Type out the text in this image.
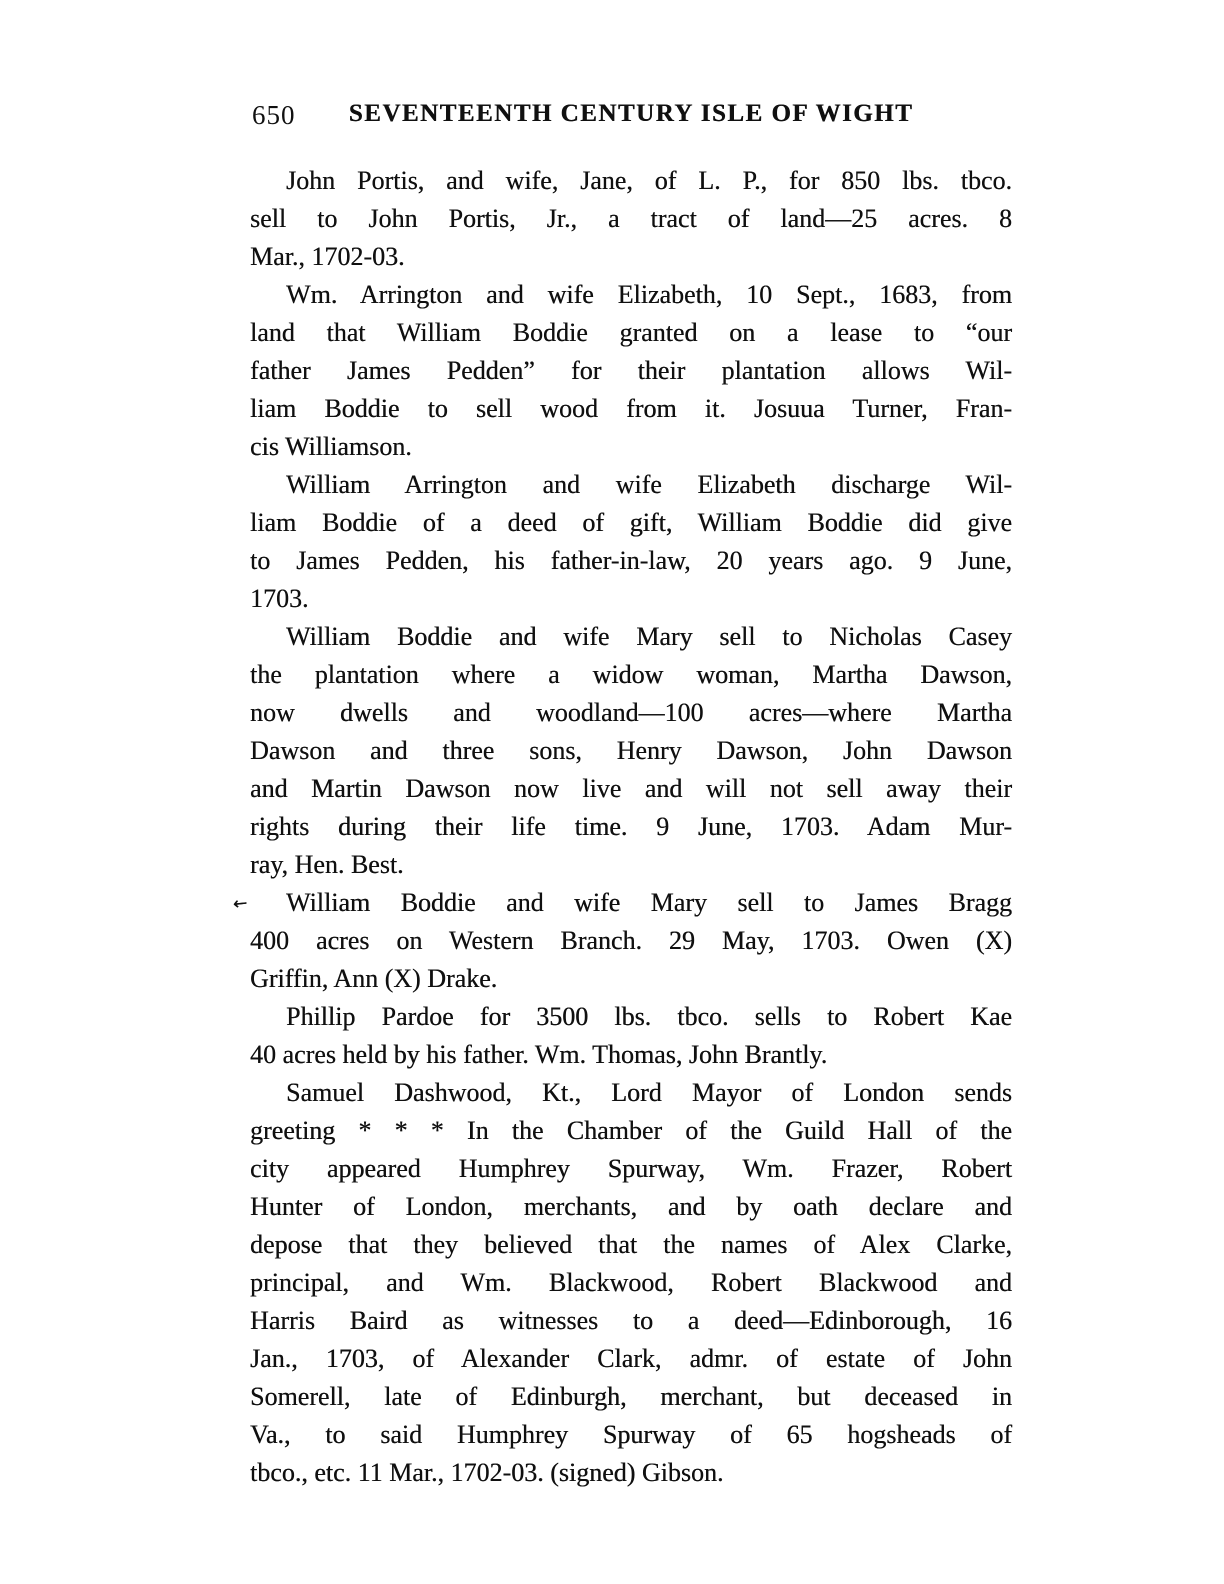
650	SEVENTEENTH CENTURY ISLE OF WIGHT
John Portis, and wife, Jane, of L. P., for 850 lbs. tbco.
sell to John Portis, Jr., a tract of land—25 acres. 8
Mar., 1702-03.
Wm. Arrington and wife Elizabeth, 10 Sept., 1683, from
land that William Boddie granted on a lease to “our
father James Pedden” for their plantation allows Wil-
liam Boddie to sell wood from it. Josuua Turner, Fran-
cis Williamson.
William Arrington and wife Elizabeth discharge Wil-
liam Boddie of a deed of gift, William Boddie did give
to James Pedden, his father-in-law, 20 years ago. 9 June,
1703.
William Boddie and wife Mary sell to Nicholas Casey
the plantation where a widow woman, Martha Dawson,
now dwells and woodland—100 acres—where Martha
Dawson and three sons, Henry Dawson, John Dawson
and Martin Dawson now live and will not sell away their
rights during their life time. 9 June, 1703. Adam Mur-
ray, Hen. Best.
William Boddie and wife Mary sell to James Bragg
←
400 acres on Western Branch. 29 May, 1703. Owen (X)
Griffin, Ann (X) Drake.
Phillip Pardoe for 3500 lbs. tbco. sells to Robert Kae
40 acres held by his father. Wm. Thomas, John Brantly.
Samuel Dashwood, Kt., Lord Mayor of London sends
greeting * * * In the Chamber of the Guild Hall of the
city appeared Humphrey Spurway, Wm. Frazer, Robert
Hunter of London, merchants, and by oath declare and
depose that they believed that the names of Alex Clarke,
principal, and Wm. Blackwood, Robert Blackwood and
Harris Baird as witnesses to a deed—Edinborough, 16
Jan., 1703, of Alexander Clark, admr. of estate of John
Somerell, late of Edinburgh, merchant, but deceased in
Va., to said Humphrey Spurway of 65 hogsheads of
tbco., etc. 11 Mar., 1702-03. (signed) Gibson.
